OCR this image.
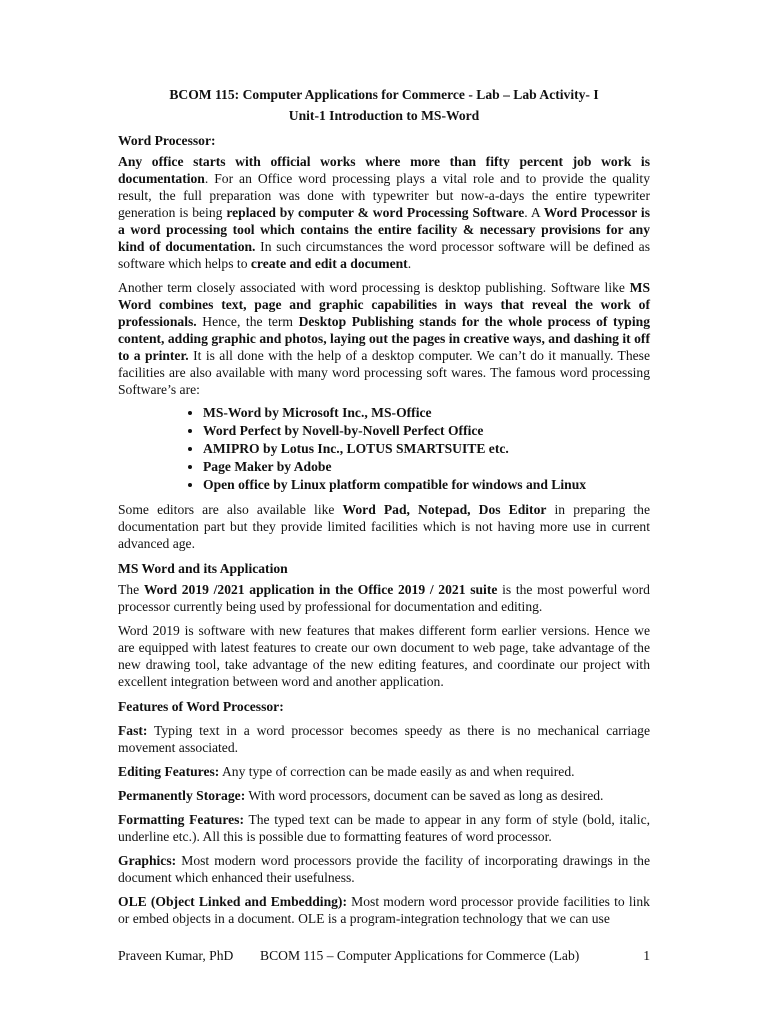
BCOM 115: Computer Applications for Commerce - Lab – Lab Activity- I
Unit-1 Introduction to MS-Word
Word Processor:

Any office starts with official works where more than fifty percent job work is documentation. For an Office word processing plays a vital role and to provide the quality result, the full preparation was done with typewriter but now-a-days the entire typewriter generation is being replaced by computer & word Processing Software. A Word Processor is a word processing tool which contains the entire facility & necessary provisions for any kind of documentation. In such circumstances the word processor software will be defined as software which helps to create and edit a document.

Another term closely associated with word processing is desktop publishing. Software like MS Word combines text, page and graphic capabilities in ways that reveal the work of professionals. Hence, the term Desktop Publishing stands for the whole process of typing content, adding graphic and photos, laying out the pages in creative ways, and dashing it off to a printer. It is all done with the help of a desktop computer. We can’t do it manually. These facilities are also available with many word processing soft wares. The famous word processing Software’s are:

• MS-Word by Microsoft Inc., MS-Office
• Word Perfect by Novell-by-Novell Perfect Office
• AMIPRO by Lotus Inc., LOTUS SMARTSUITE etc.
• Page Maker by Adobe
• Open office by Linux platform compatible for windows and Linux

Some editors are also available like Word Pad, Notepad, Dos Editor in preparing the documentation part but they provide limited facilities which is not having more use in current advanced age.

MS Word and its Application

The Word 2019 /2021 application in the Office 2019 / 2021 suite is the most powerful word processor currently being used by professional for documentation and editing.

Word 2019 is software with new features that makes different form earlier versions. Hence we are equipped with latest features to create our own document to web page, take advantage of the new drawing tool, take advantage of the new editing features, and coordinate our project with excellent integration between word and another application.

Features of Word Processor:

Fast: Typing text in a word processor becomes speedy as there is no mechanical carriage movement associated.

Editing Features: Any type of correction can be made easily as and when required.

Permanently Storage: With word processors, document can be saved as long as desired.

Formatting Features: The typed text can be made to appear in any form of style (bold, italic, underline etc.). All this is possible due to formatting features of word processor.

Graphics: Most modern word processors provide the facility of incorporating drawings in the document which enhanced their usefulness.

OLE (Object Linked and Embedding): Most modern word processor provide facilities to link or embed objects in a document. OLE is a program-integration technology that we can use

Praveen Kumar, PhD BCOM 115 – Computer Applications for Commerce (Lab)	1
